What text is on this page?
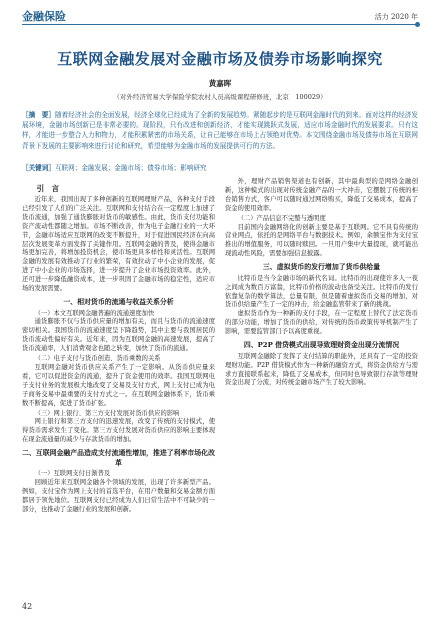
金融保险	活力 2020 年
互联网金融发展对金融市场及债券市场影响探究
黄嘉晖
（对外经济贸易大学保险学院农村人员高级课程研修班，北京　100029）
［摘　要］随着经济社会的全面发展，经济全球化已经成为了全新的发展趋势。紧随起步的是互联网金融时代的到来。面对这样的经济发展环境，金融市场创新已是非常必要的。现阶段，只有改进和创新经济，才能实现跳跃式发展，适应市场金融时代的发展要求。只有这样，才能进一步整合人力和物力，才能积累紧密的市场关系，让自己能够在市场上占领绝对优势。本文围绕金融市场及债券市场在互联网背景下发展的主要影响来进行讨论和研究，希望能够为金融市场的发展提供可行的方法。
［关键词］互联网；金融发展；金融市场；债券市场；影响研究
引　言

近年来，我国出现了多种创新的互联网理财产品，各种支付手段已经引发了人们的广泛关注。互联网和支付结合在一定程度上加速了货币流通，加强了通货膨胀对货币的敏感性。由此，货币支付功能和资产流动性都随之增加。市场不断改善，作为电子金融行业的一大环节，金融市场适应互联网的改变不断提升，对于促进国民经济在向高层次发展变革方面发挥了关键作用。互联网金融的普及，使得金融市场更加完善，将增加投资机会，使市场更具多样性和灵活性。互联网金融的发展有效推动了行业的繁荣，有效拉动了中小企业的发展，促进了中小企业的市场选择，进一步提升了企业市场投资效率。此外，还可进一步降低融资成本，进一步巩固了金融市场的稳定性，适应市场的发展需要。

一、相对货币的流通与收益关系分析
（一）本文互联网金融普遍的流通速度加快

通货膨胀不仅与货币供应量的增加有关，而且与货币的流通速度密切相关。我国货币的流通速度呈下降趋势，其中主要与我国居民的货币流动性偏好有关。近年来，因为互联网金融的高速发展，提高了货币流通率，人们消费观念也随之转变，加快了货币的流通。

（二）电子支付与货币创造、货币乘数的关系

互联网金融对货币供应关系产生了一定影响。从货币供应量来看，它可以促进资金的流通，提升了资金使用的效率。我国互联网电子支付业务的发展极大地改变了交易及支付方式，网上支付已成为电子商务交易中最重要的支付方式之一。在互联网金融体系下，货币乘数不断提高，促进了货币扩张。

（三）网上银行、第三方支付发展对货币供应的影响

网上银行和第三方支付的迅速发展，改变了传统的支付模式，使得货币需求发生了变化。第三方支付发展对货币供应的影响主要体现在现金流通量的减少与存款货币的增加。

二、互联网金融产品造成支付流通性增加，推进了利率市场化改革
（一）互联网支付日渐普及

回顾近年来互联网金融各个领域的发展，出现了许多新型产品。例如，支付宝作为网上支付的首选平台，在用户数量和交易金额方面都居于领先地位。互联网支付已经成为人们日常生活中不可缺少的一部分，也推动了金融行业的发展和创新。

外，理财产品销售渠道也有创新，其中最典型的是网络金融创新，这种模式的出现对传统金融产品的一大冲击，它摆脱了传统的柜台销售方式，客户可以随时通过网络购买，降低了交易成本，提高了资金的使用效率。

（二）产品信息不完整与透明度

目前国内金融网络化的创新主要是基于互联网。它不具有传统的营业网点，依托的是网络平台与数据技术。例如，余额宝作为支付宝推出的增值服务，可以随时赎回。一旦用户集中大量提现，就可能出现流动性风险，需要加强信息披露。

三、虚拟货币的发行增加了货币供给量

比特币是当今金融市场的新代名词。比特币的出现使许多人一夜之间成为数百万富翁，比特币价格的波动也备受关注。比特币的发行依靠复杂的数学算法，总量有限，但是随着虚拟货币交易的增加，对货币供给量产生了一定的冲击，给金融监管带来了新的挑战。

虚拟货币作为一种新的支付手段，在一定程度上替代了法定货币的部分功能，增加了货币的供给，对传统的货币政策传导机制产生了影响，需要监管部门予以高度重视。

四、P2P 借贷模式出现导致理财资金出现分流情况

互联网金融除了发挥了支付结算的职能外，还具有了一定的投资理财功能。P2P 借贷模式作为一种新的融资方式，将资金供给方与需求方直接联系起来，降低了交易成本，但同时也导致银行存款等理财资金出现了分流，对传统金融市场产生了较大影响。

42
